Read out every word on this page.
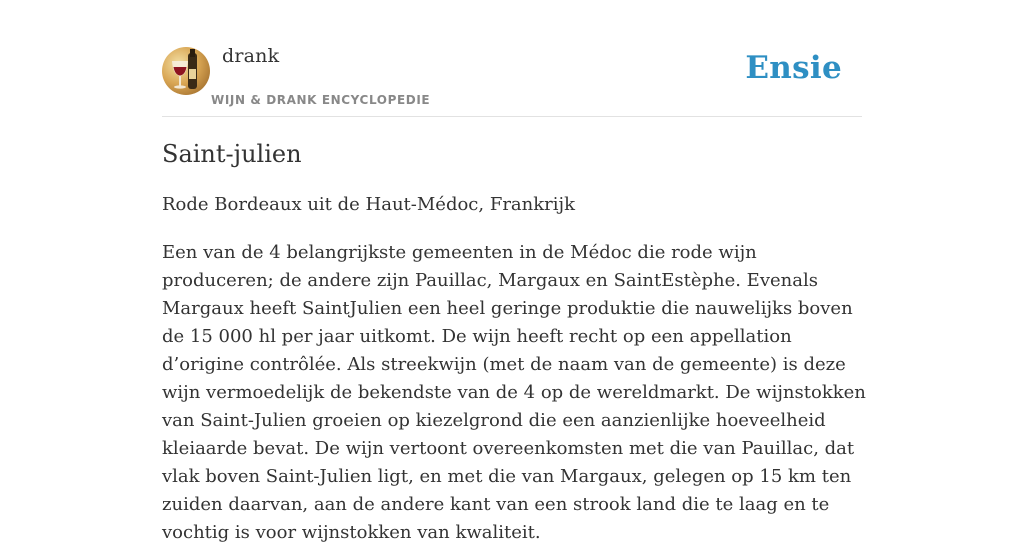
drank
WIJN & DRANK ENCYCLOPEDIE
Ensie
Saint-julien

Rode Bordeaux uit de Haut-Médoc, Frankrijk

Een van de 4 belangrijkste gemeenten in de Médoc die rode wijn produceren; de andere zijn Pauillac, Margaux en SaintEstèphe. Evenals Margaux heeft SaintJulien een heel geringe produktie die nauwelijks boven de 15 000 hl per jaar uitkomt. De wijn heeft recht op een appellation d’origine contrôlée. Als streekwijn (met de naam van de gemeente) is deze wijn vermoedelijk de bekendste van de 4 op de wereldmarkt. De wijnstokken van Saint-Julien groeien op kiezelgrond die een aanzienlijke hoeveelheid kleiaarde bevat. De wijn vertoont overeenkomsten met die van Pauillac, dat vlak boven Saint-Julien ligt, en met die van Margaux, gelegen op 15 km ten zuiden daarvan, aan de andere kant van een strook land die te laag en te vochtig is voor wijnstokken van kwaliteit.
